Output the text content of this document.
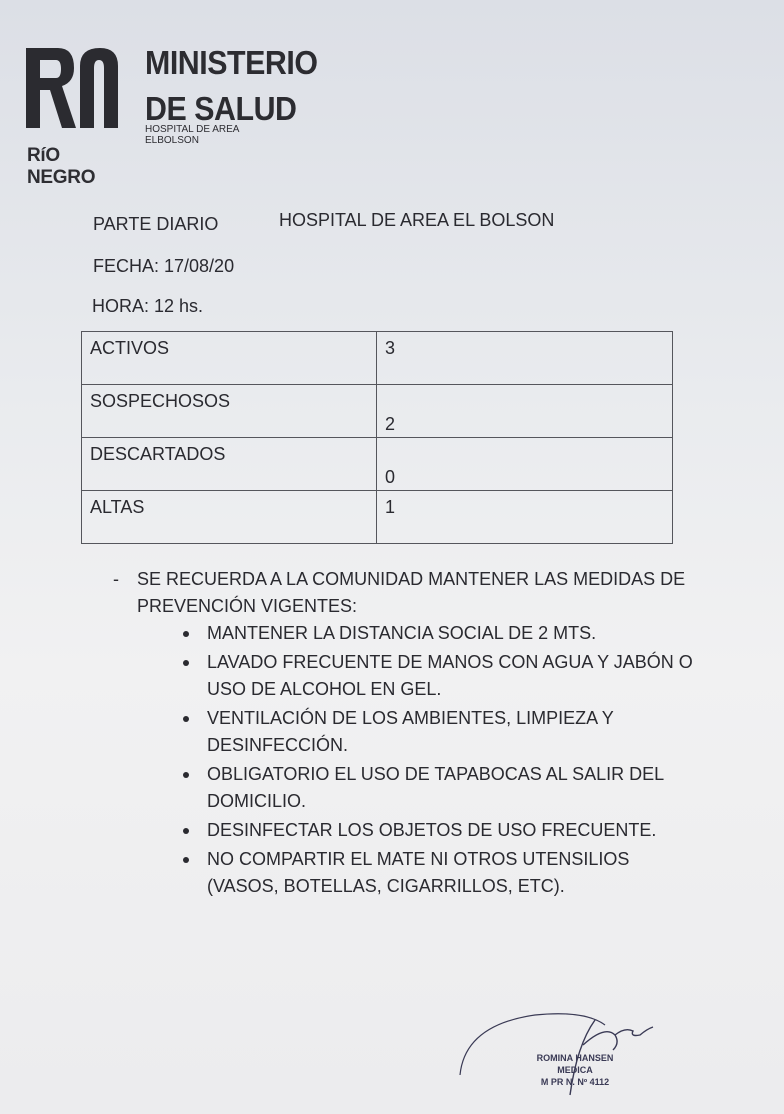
RíO NEGRO
MINISTERIO
DE SALUD
HOSPITAL DE AREA
ELBOLSON
PARTE DIARIO	HOSPITAL DE AREA EL BOLSON
FECHA: 17/08/20
HORA: 12 hs.
ACTIVOS	3
SOSPECHOSOS	2
DESCARTADOS	0
ALTAS	1
- SE RECUERDA A LA COMUNIDAD MANTENER LAS MEDIDAS DE PREVENCIÓN VIGENTES:
MANTENER LA DISTANCIA SOCIAL DE 2 MTS.
LAVADO FRECUENTE DE MANOS CON AGUA Y JABÓN O USO DE ALCOHOL EN GEL.
VENTILACIÓN DE LOS AMBIENTES, LIMPIEZA Y DESINFECCIÓN.
OBLIGATORIO EL USO DE TAPABOCAS AL SALIR DEL DOMICILIO.
DESINFECTAR LOS OBJETOS DE USO FRECUENTE.
NO COMPARTIR EL MATE NI OTROS UTENSILIOS (VASOS, BOTELLAS, CIGARRILLOS, ETC).
ROMINA HANSEN
MEDICA
M PR N. Nº 4112
